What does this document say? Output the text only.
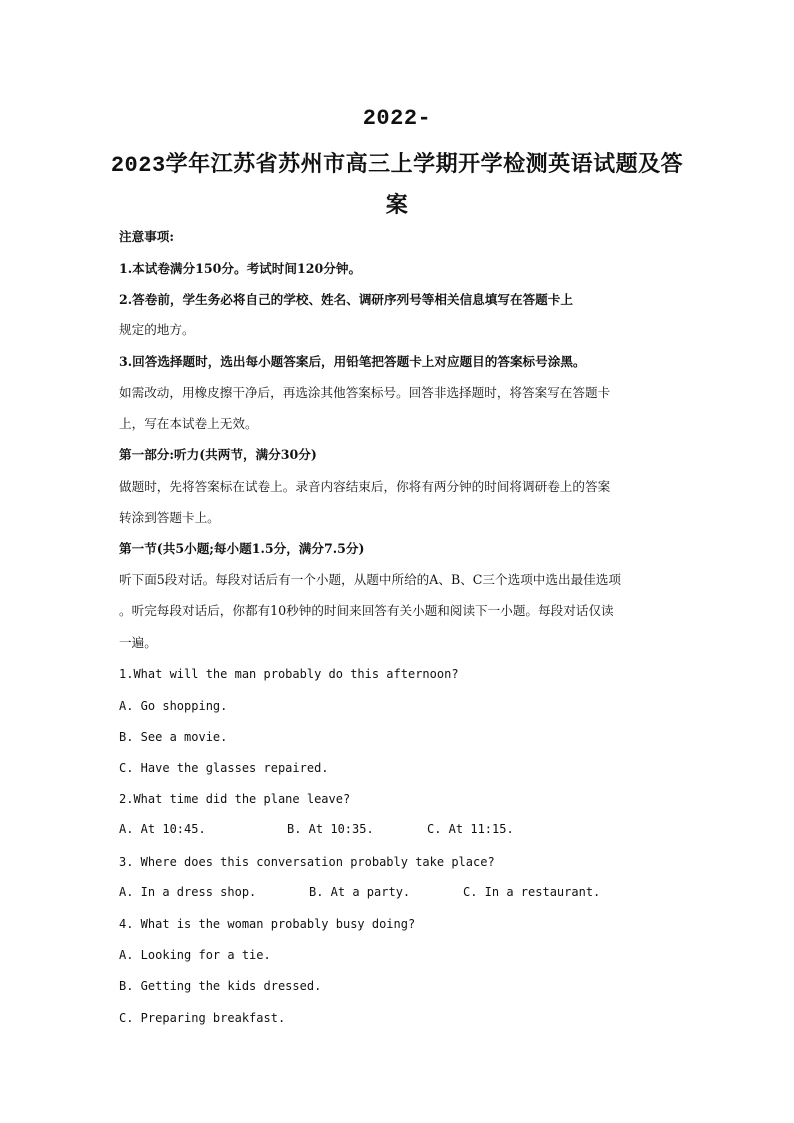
2022-
2023学年江苏省苏州市高三上学期开学检测英语试题及答
案
注意事项:
1.本试卷满分150分。考试时间120分钟。
2.答卷前，学生务必将自己的学校、姓名、调研序列号等相关信息填写在答题卡上
规定的地方。
3.回答选择题时，选出每小题答案后，用铅笔把答题卡上对应题目的答案标号涂黑。
如需改动，用橡皮擦干净后，再选涂其他答案标号。回答非选择题时，将答案写在答题卡
上，写在本试卷上无效。
第一部分:听力(共两节，满分30分)
做题时，先将答案标在试卷上。录音内容结束后，你将有两分钟的时间将调研卷上的答案
转涂到答题卡上。
第一节(共5小题;每小题1.5分，满分7.5分)
听下面5段对话。每段对话后有一个小题，从题中所给的A、B、C三个选项中选出最佳选项
。听完每段对话后，你都有10秒钟的时间来回答有关小题和阅读下一小题。每段对话仅读
一遍。
1.What will the man probably do this afternoon?
A. Go shopping.
B. See a movie.
C. Have the glasses repaired.
2.What time did the plane leave?
A. At 10:45.	B. At 10:35.	C. At 11:15.
3. Where does this conversation probably take place?
A. In a dress shop.	B. At a party.	C. In a restaurant.
4. What is the woman probably busy doing?
A. Looking for a tie.
B. Getting the kids dressed.
C. Preparing breakfast.
